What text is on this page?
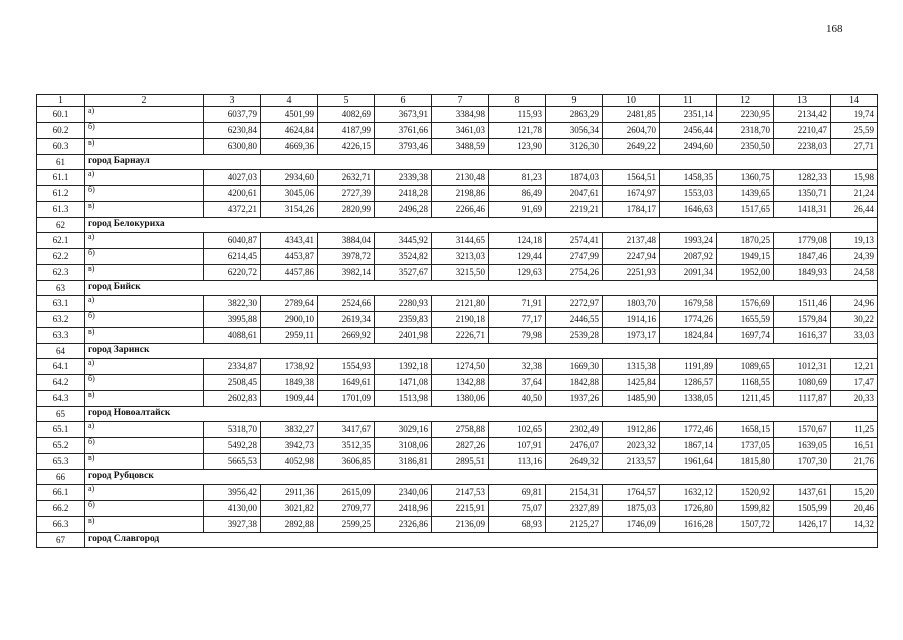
168
1	2	3	4	5	6	7	8	9	10	11	12	13	14
60.1	а)	6037,79	4501,99	4082,69	3673,91	3384,98	115,93	2863,29	2481,85	2351,14	2230,95	2134,42	19,74
60.2	б)	6230,84	4624,84	4187,99	3761,66	3461,03	121,78	3056,34	2604,70	2456,44	2318,70	2210,47	25,59
60.3	в)	6300,80	4669,36	4226,15	3793,46	3488,59	123,90	3126,30	2649,22	2494,60	2350,50	2238,03	27,71
61	город Барнаул												
61.1	а)	4027,03	2934,60	2632,71	2339,38	2130,48	81,23	1874,03	1564,51	1458,35	1360,75	1282,33	15,98
61.2	б)	4200,61	3045,06	2727,39	2418,28	2198,86	86,49	2047,61	1674,97	1553,03	1439,65	1350,71	21,24
61.3	в)	4372,21	3154,26	2820,99	2496,28	2266,46	91,69	2219,21	1784,17	1646,63	1517,65	1418,31	26,44
62	город Белокуриха												
62.1	а)	6040,87	4343,41	3884,04	3445,92	3144,65	124,18	2574,41	2137,48	1993,24	1870,25	1779,08	19,13
62.2	б)	6214,45	4453,87	3978,72	3524,82	3213,03	129,44	2747,99	2247,94	2087,92	1949,15	1847,46	24,39
62.3	в)	6220,72	4457,86	3982,14	3527,67	3215,50	129,63	2754,26	2251,93	2091,34	1952,00	1849,93	24,58
63	город Бийск												
63.1	а)	3822,30	2789,64	2524,66	2280,93	2121,80	71,91	2272,97	1803,70	1679,58	1576,69	1511,46	24,96
63.2	б)	3995,88	2900,10	2619,34	2359,83	2190,18	77,17	2446,55	1914,16	1774,26	1655,59	1579,84	30,22
63.3	в)	4088,61	2959,11	2669,92	2401,98	2226,71	79,98	2539,28	1973,17	1824,84	1697,74	1616,37	33,03
64	город Заринск												
64.1	а)	2334,87	1738,92	1554,93	1392,18	1274,50	32,38	1669,30	1315,38	1191,89	1089,65	1012,31	12,21
64.2	б)	2508,45	1849,38	1649,61	1471,08	1342,88	37,64	1842,88	1425,84	1286,57	1168,55	1080,69	17,47
64.3	в)	2602,83	1909,44	1701,09	1513,98	1380,06	40,50	1937,26	1485,90	1338,05	1211,45	1117,87	20,33
65	город Новоалтайск												
65.1	а)	5318,70	3832,27	3417,67	3029,16	2758,88	102,65	2302,49	1912,86	1772,46	1658,15	1570,67	11,25
65.2	б)	5492,28	3942,73	3512,35	3108,06	2827,26	107,91	2476,07	2023,32	1867,14	1737,05	1639,05	16,51
65.3	в)	5665,53	4052,98	3606,85	3186,81	2895,51	113,16	2649,32	2133,57	1961,64	1815,80	1707,30	21,76
66	город Рубцовск												
66.1	а)	3956,42	2911,36	2615,09	2340,06	2147,53	69,81	2154,31	1764,57	1632,12	1520,92	1437,61	15,20
66.2	б)	4130,00	3021,82	2709,77	2418,96	2215,91	75,07	2327,89	1875,03	1726,80	1599,82	1505,99	20,46
66.3	в)	3927,38	2892,88	2599,25	2326,86	2136,09	68,93	2125,27	1746,09	1616,28	1507,72	1426,17	14,32
67	город Славгород												
